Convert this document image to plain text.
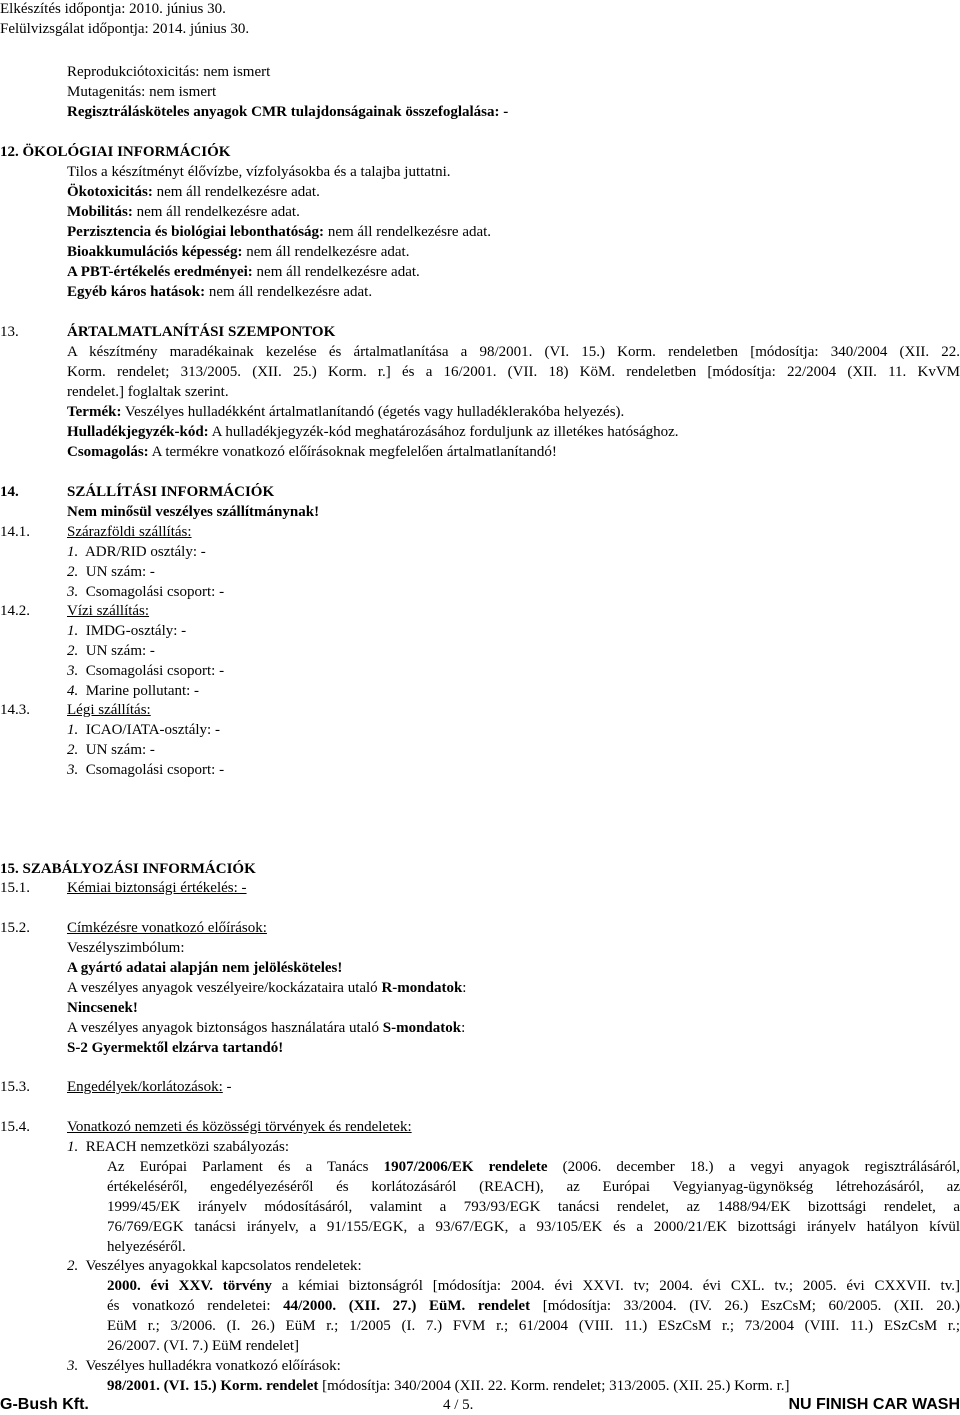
Elkészítés időpontja: 2010. június 30.
Felülvizsgálat időpontja: 2014. június 30.
Reprodukciótoxicitás: nem ismert
Mutagenitás: nem ismert
Regisztrálásköteles anyagok CMR tulajdonságainak összefoglalása: -
12. ÖKOLÓGIAI INFORMÁCIÓK
Tilos a készítményt élővízbe, vízfolyásokba és a talajba juttatni.
Ökotoxicitás: nem áll rendelkezésre adat.
Mobilitás: nem áll rendelkezésre adat.
Perzisztencia és biológiai lebonthatóság: nem áll rendelkezésre adat.
Bioakkumulációs képesség: nem áll rendelkezésre adat.
A PBT-értékelés eredményei: nem áll rendelkezésre adat.
Egyéb káros hatások: nem áll rendelkezésre adat.
13.	ÁRTALMATLANÍTÁSI SZEMPONTOK
A készítmény maradékainak kezelése és ártalmatlanítása a 98/2001. (VI. 15.) Korm. rendeletben [módosítja: 340/2004 (XII. 22.
Korm. rendelet; 313/2005. (XII. 25.) Korm. r.] és a 16/2001. (VII. 18) KöM. rendeletben [módosítja: 22/2004 (XII. 11. KvVM
rendelet.] foglaltak szerint.
Termék: Veszélyes hulladékként ártalmatlanítandó (égetés vagy hulladéklerakóba helyezés).
Hulladékjegyzék-kód: A hulladékjegyzék-kód meghatározásához forduljunk az illetékes hatósághoz.
Csomagolás: A termékre vonatkozó előírásoknak megfelelően ártalmatlanítandó!
14.	SZÁLLÍTÁSI INFORMÁCIÓK
Nem minősül veszélyes szállítmánynak!
14.1. Szárazföldi szállítás:
1. ADR/RID osztály: -
2. UN szám: -
3. Csomagolási csoport: -
14.2. Vízi szállítás:
1. IMDG-osztály: -
2. UN szám: -
3. Csomagolási csoport: -
4. Marine pollutant: -
14.3. Légi szállítás:
1. ICAO/IATA-osztály: -
2. UN szám: -
3. Csomagolási csoport: -
15. SZABÁLYOZÁSI INFORMÁCIÓK
15.1. Kémiai biztonsági értékelés: -
15.2. Címkézésre vonatkozó előírások:
Veszélyszimbólum:
A gyártó adatai alapján nem jelölésköteles!
A veszélyes anyagok veszélyeire/kockázataira utaló R-mondatok:
Nincsenek!
A veszélyes anyagok biztonságos használatára utaló S-mondatok:
S-2 Gyermektől elzárva tartandó!
15.3. Engedélyek/korlátozások: -
15.4. Vonatkozó nemzeti és közösségi törvények és rendeletek:
1. REACH nemzetközi szabályozás:
Az Európai Parlament és a Tanács 1907/2006/EK rendelete (2006. december 18.) a vegyi anyagok regisztrálásáról,
értékeléséről, engedélyezéséről és korlátozásáról (REACH), az Európai Vegyianyag-ügynökség létrehozásáról, az
1999/45/EK irányelv módosításáról, valamint a 793/93/EGK tanácsi rendelet, az 1488/94/EK bizottsági rendelet, a
76/769/EGK tanácsi irányelv, a 91/155/EGK, a 93/67/EGK, a 93/105/EK és a 2000/21/EK bizottsági irányelv hatályon kívül
helyezéséről.
2. Veszélyes anyagokkal kapcsolatos rendeletek:
2000. évi XXV. törvény a kémiai biztonságról [módosítja: 2004. évi XXVI. tv; 2004. évi CXL. tv.; 2005. évi CXXVII. tv.]
és vonatkozó rendeletei: 44/2000. (XII. 27.) EüM. rendelet [módosítja: 33/2004. (IV. 26.) EszCsM; 60/2005. (XII. 20.)
EüM r.; 3/2006. (I. 26.) EüM r.; 1/2005 (I. 7.) FVM r.; 61/2004 (VIII. 11.) ESzCsM r.; 73/2004 (VIII. 11.) ESzCsM r.;
26/2007. (VI. 7.) EüM rendelet]
3. Veszélyes hulladékra vonatkozó előírások:
98/2001. (VI. 15.) Korm. rendelet [módosítja: 340/2004 (XII. 22. Korm. rendelet; 313/2005. (XII. 25.) Korm. r.]
G-Bush Kft.	4 / 5.	NU FINISH CAR WASH
